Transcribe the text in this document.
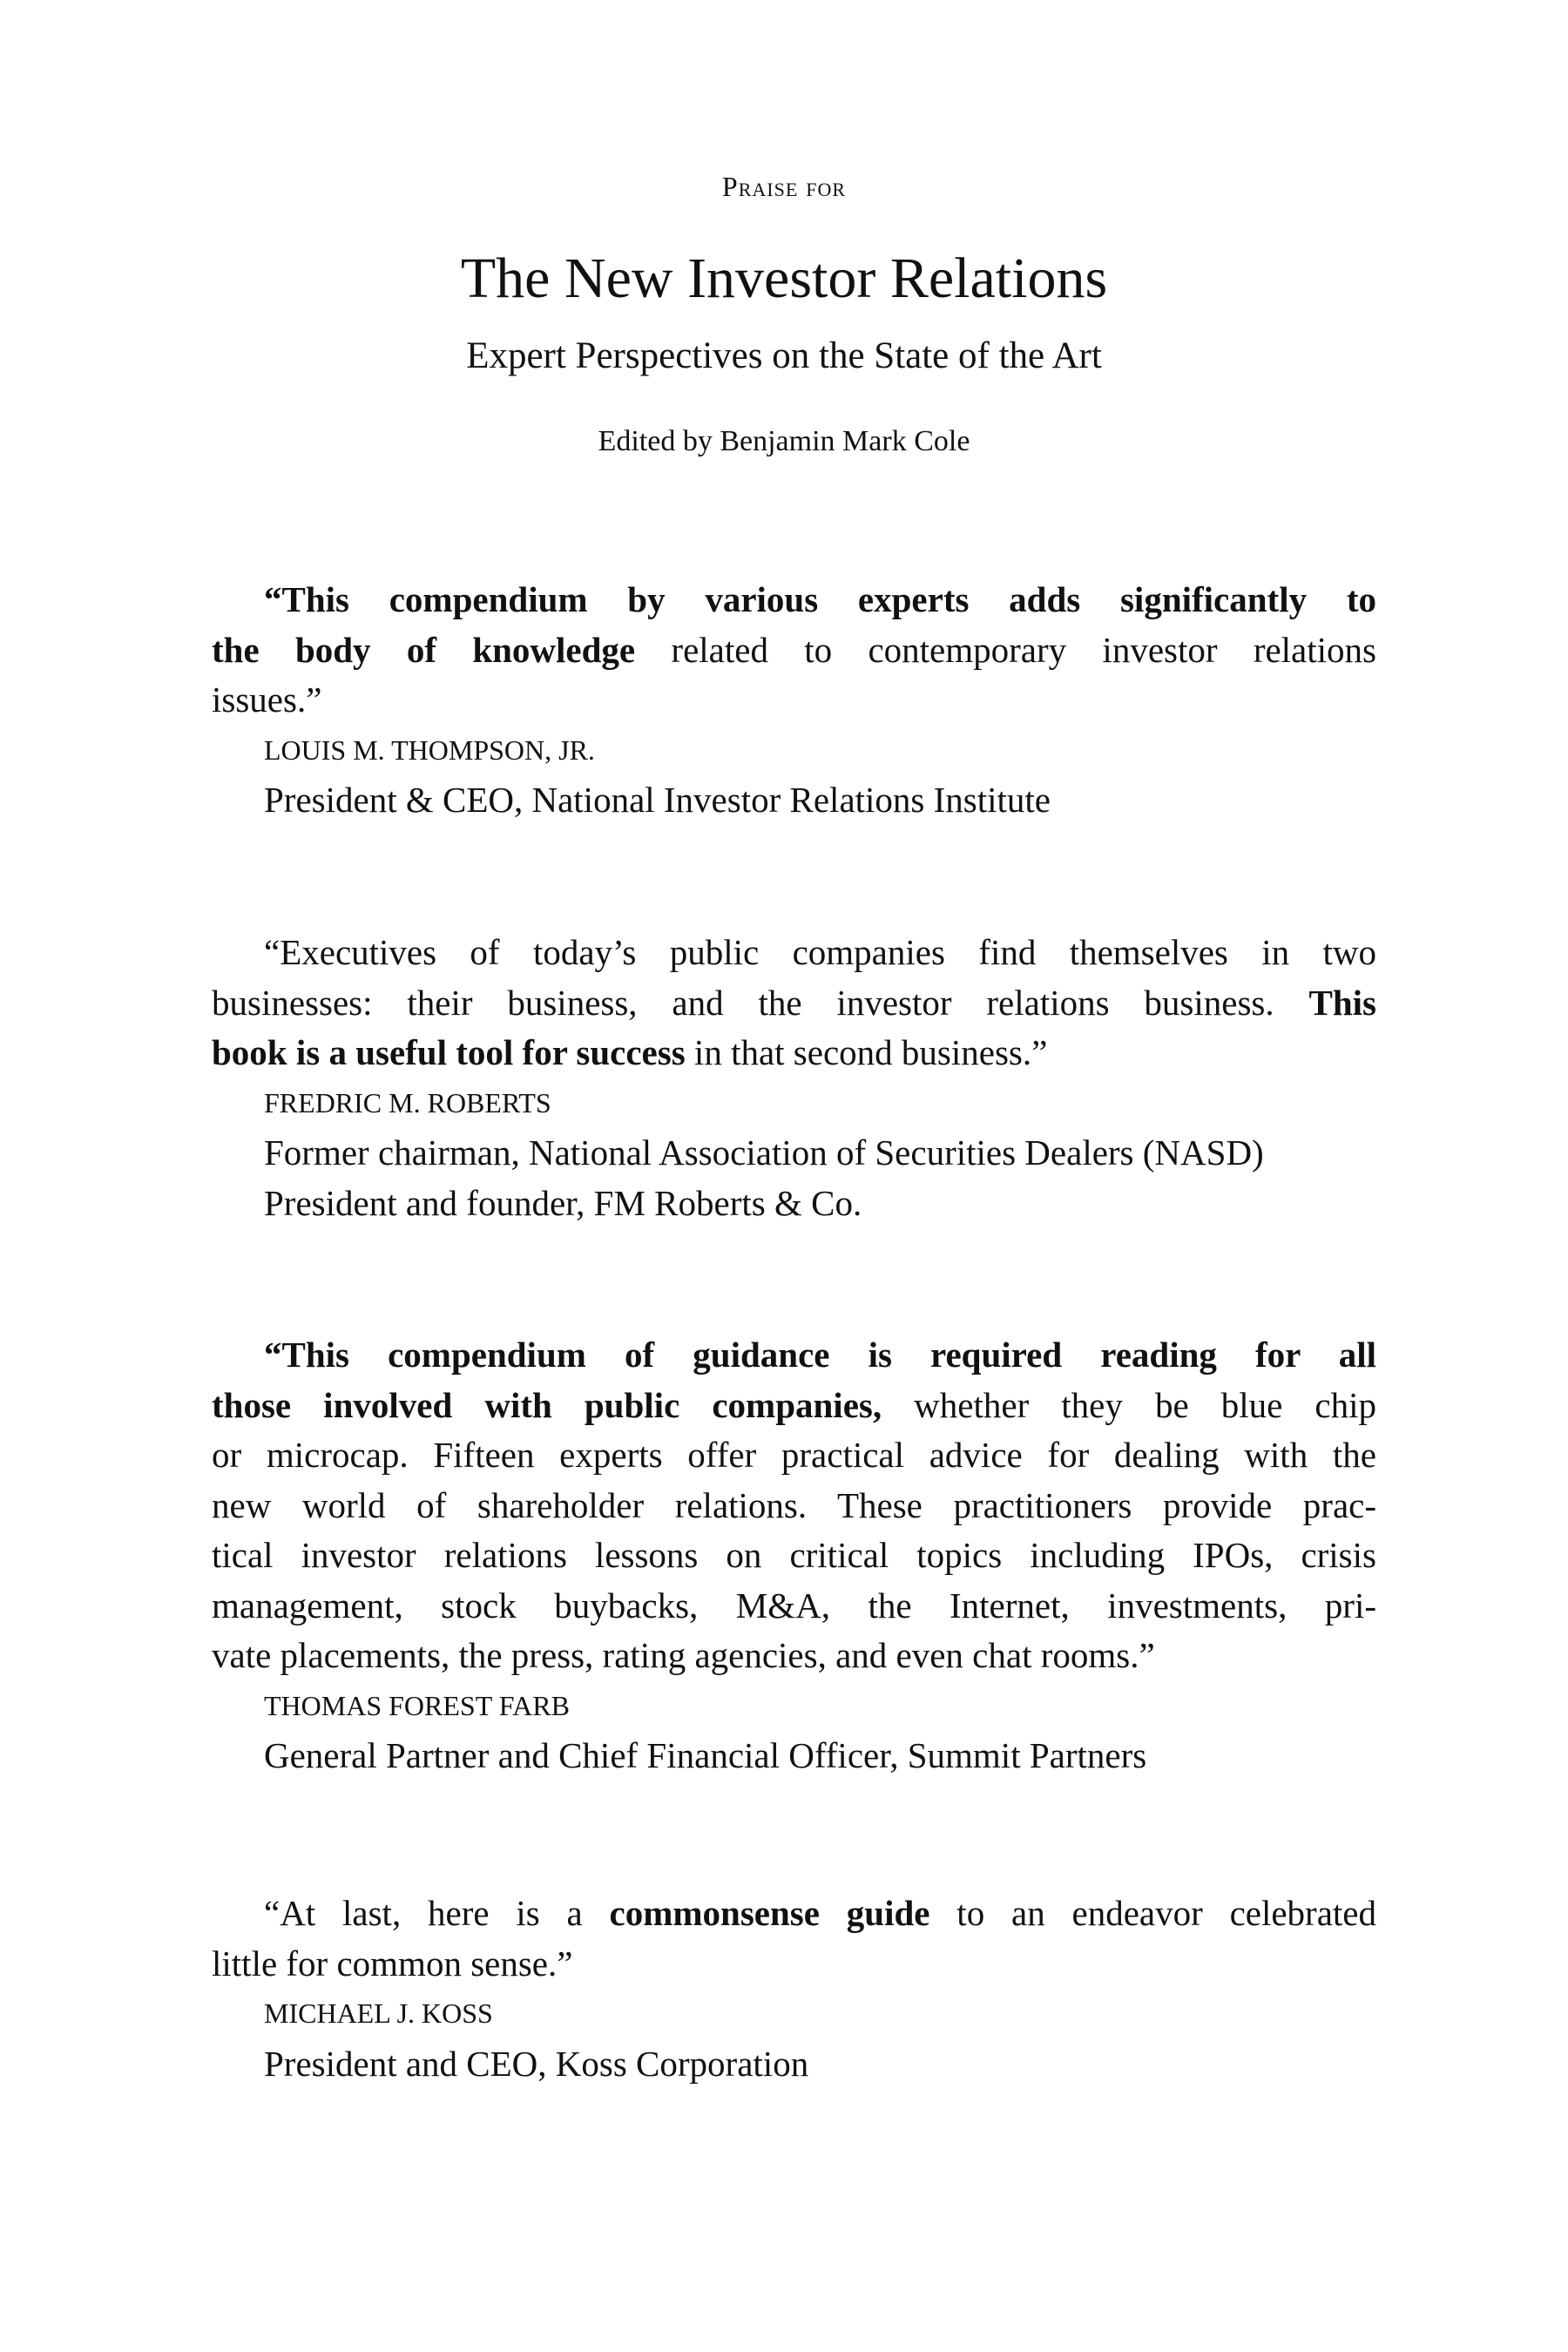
Praise for
The New Investor Relations
Expert Perspectives on the State of the Art
Edited by Benjamin Mark Cole
“This compendium by various experts adds significantly to
the body of knowledge related to contemporary investor relations
issues.”
LOUIS M. THOMPSON, JR.
President & CEO, National Investor Relations Institute
“Executives of today’s public companies find themselves in two
businesses: their business, and the investor relations business. This
book is a useful tool for success in that second business.”
FREDRIC M. ROBERTS
Former chairman, National Association of Securities Dealers (NASD)
President and founder, FM Roberts & Co.
“This compendium of guidance is required reading for all
those involved with public companies, whether they be blue chip
or microcap. Fifteen experts offer practical advice for dealing with the
new world of shareholder relations. These practitioners provide prac-
tical investor relations lessons on critical topics including IPOs, crisis
management, stock buybacks, M&A, the Internet, investments, pri-
vate placements, the press, rating agencies, and even chat rooms.”
THOMAS FOREST FARB
General Partner and Chief Financial Officer, Summit Partners
“At last, here is a commonsense guide to an endeavor celebrated
little for common sense.”
MICHAEL J. KOSS
President and CEO, Koss Corporation
